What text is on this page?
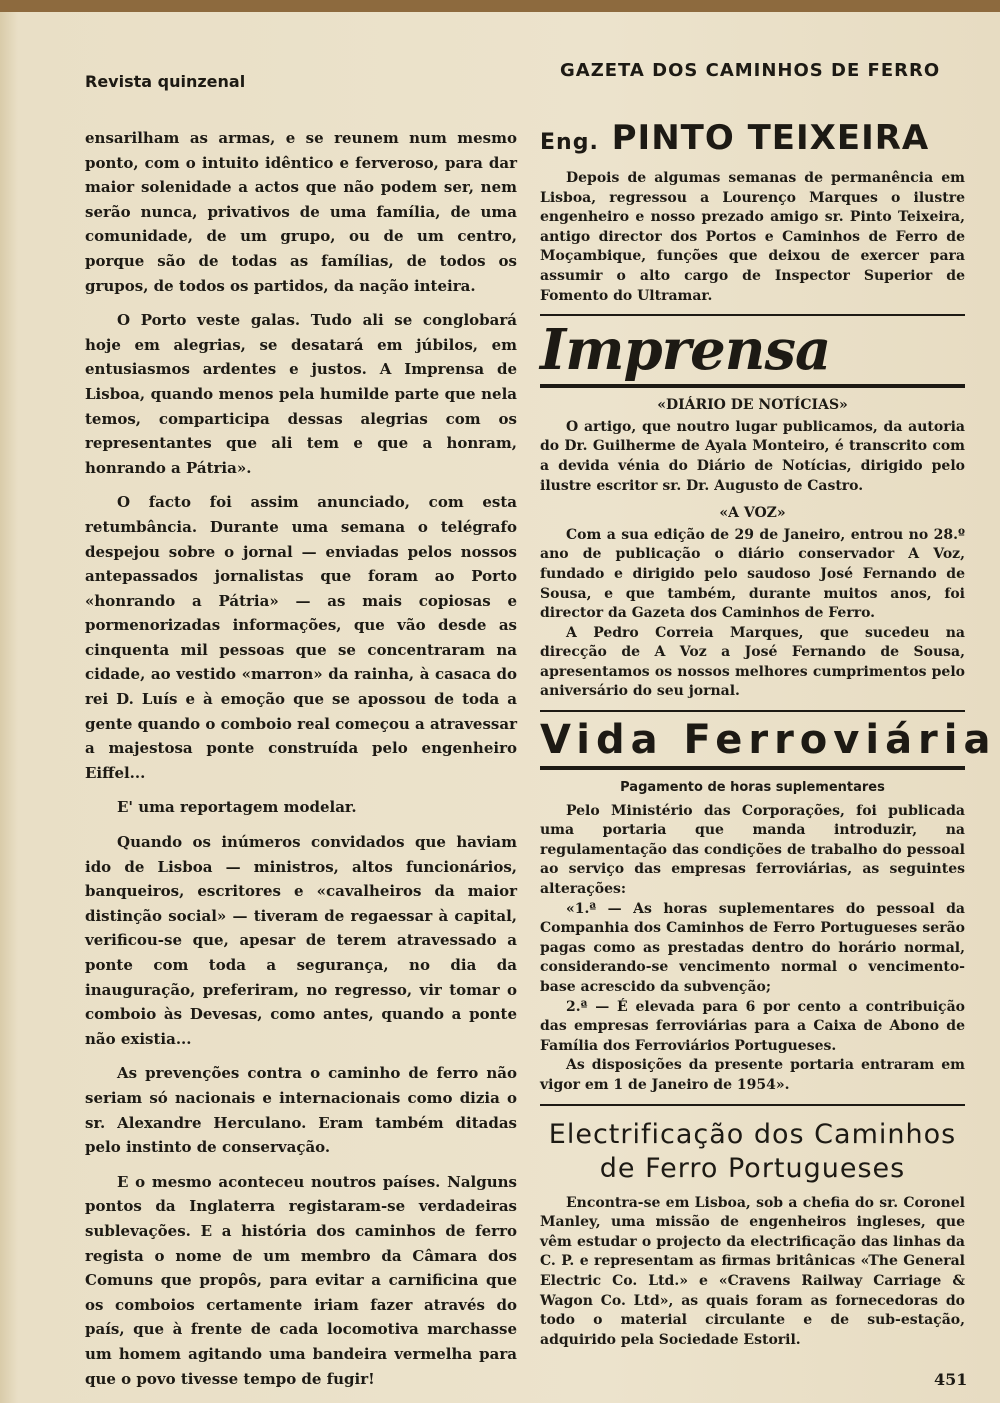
Revista quinzenal
GAZETA DOS CAMINHOS DE FERRO

ensarilham as armas, e se reunem num mesmo ponto, com o intuito idêntico e ferveroso, para dar maior solenidade a actos que não podem ser, nem serão nunca, privativos de uma família, de uma comunidade, de um grupo, ou de um centro, porque são de todas as famílias, de todos os grupos, de todos os partidos, da nação inteira.

O Porto veste galas. Tudo ali se conglobará hoje em alegrias, se desatará em júbilos, em entusiasmos ardentes e justos. A Imprensa de Lisboa, quando menos pela humilde parte que nela temos, comparticipa dessas alegrias com os representantes que ali tem e que a honram, honrando a Pátria».

O facto foi assim anunciado, com esta retumbância. Durante uma semana o telégrafo despejou sobre o jornal — enviadas pelos nossos antepassados jornalistas que foram ao Porto «honrando a Pátria» — as mais copiosas e pormenorizadas informações, que vão desde as cinquenta mil pessoas que se concentraram na cidade, ao vestido «marron» da rainha, à casaca do rei D. Luís e à emoção que se apossou de toda a gente quando o comboio real começou a atravessar a majestosa ponte construída pelo engenheiro Eiffel...

E' uma reportagem modelar.

Quando os inúmeros convidados que haviam ido de Lisboa — ministros, altos funcionários, banqueiros, escritores e «cavalheiros da maior distinção social» — tiveram de regaessar à capital, verificou-se que, apesar de terem atravessado a ponte com toda a segurança, no dia da inauguração, preferiram, no regresso, vir tomar o comboio às Devesas, como antes, quando a ponte não existia...

As prevenções contra o caminho de ferro não seriam só nacionais e internacionais como dizia o sr. Alexandre Herculano. Eram também ditadas pelo instinto de conservação.

E o mesmo aconteceu noutros países. Nalguns pontos da Inglaterra registaram-se verdadeiras sublevações. E a história dos caminhos de ferro regista o nome de um membro da Câmara dos Comuns que propôs, para evitar a carnificina que os comboios certamente iriam fazer através do país, que à frente de cada locomotiva marchasse um homem agitando uma bandeira vermelha para que o povo tivesse tempo de fugir!

Eng. PINTO TEIXEIRA

Depois de algumas semanas de permanência em Lisboa, regressou a Lourenço Marques o ilustre engenheiro e nosso prezado amigo sr. Pinto Teixeira, antigo director dos Portos e Caminhos de Ferro de Moçambique, funções que deixou de exercer para assumir o alto cargo de Inspector Superior de Fomento do Ultramar.

Imprensa
«DIÁRIO DE NOTÍCIAS»

O artigo, que noutro lugar publicamos, da autoria do Dr. Guilherme de Ayala Monteiro, é transcrito com a devida vénia do Diário de Notícias, dirigido pelo ilustre escritor sr. Dr. Augusto de Castro.

«A VOZ»

Com a sua edição de 29 de Janeiro, entrou no 28.º ano de publicação o diário conservador A Voz, fundado e dirigido pelo saudoso José Fernando de Sousa, e que também, durante muitos anos, foi director da Gazeta dos Caminhos de Ferro.

A Pedro Correia Marques, que sucedeu na direcção de A Voz a José Fernando de Sousa, apresentamos os nossos melhores cumprimentos pelo aniversário do seu jornal.

Vida Ferroviária
Pagamento de horas suplementares

Pelo Ministério das Corporações, foi publicada uma portaria que manda introduzir, na regulamentação das condições de trabalho do pessoal ao serviço das empresas ferroviárias, as seguintes alterações:

«1.ª — As horas suplementares do pessoal da Companhia dos Caminhos de Ferro Portugueses serão pagas como as prestadas dentro do horário normal, considerando-se vencimento normal o vencimento-base acrescido da subvenção;

2.ª — É elevada para 6 por cento a contribuição das empresas ferroviárias para a Caixa de Abono de Família dos Ferroviários Portugueses.

As disposições da presente portaria entraram em vigor em 1 de Janeiro de 1954».

Electrificação dos Caminhos
de Ferro Portugueses

Encontra-se em Lisboa, sob a chefia do sr. Coronel Manley, uma missão de engenheiros ingleses, que vêm estudar o projecto da electrificação das linhas da C. P. e representam as firmas britânicas «The General Electric Co. Ltd.» e «Cravens Railway Carriage & Wagon Co. Ltd», as quais foram as fornecedoras do todo o material circulante e de sub-estação, adquirido pela Sociedade Estoril.

451
